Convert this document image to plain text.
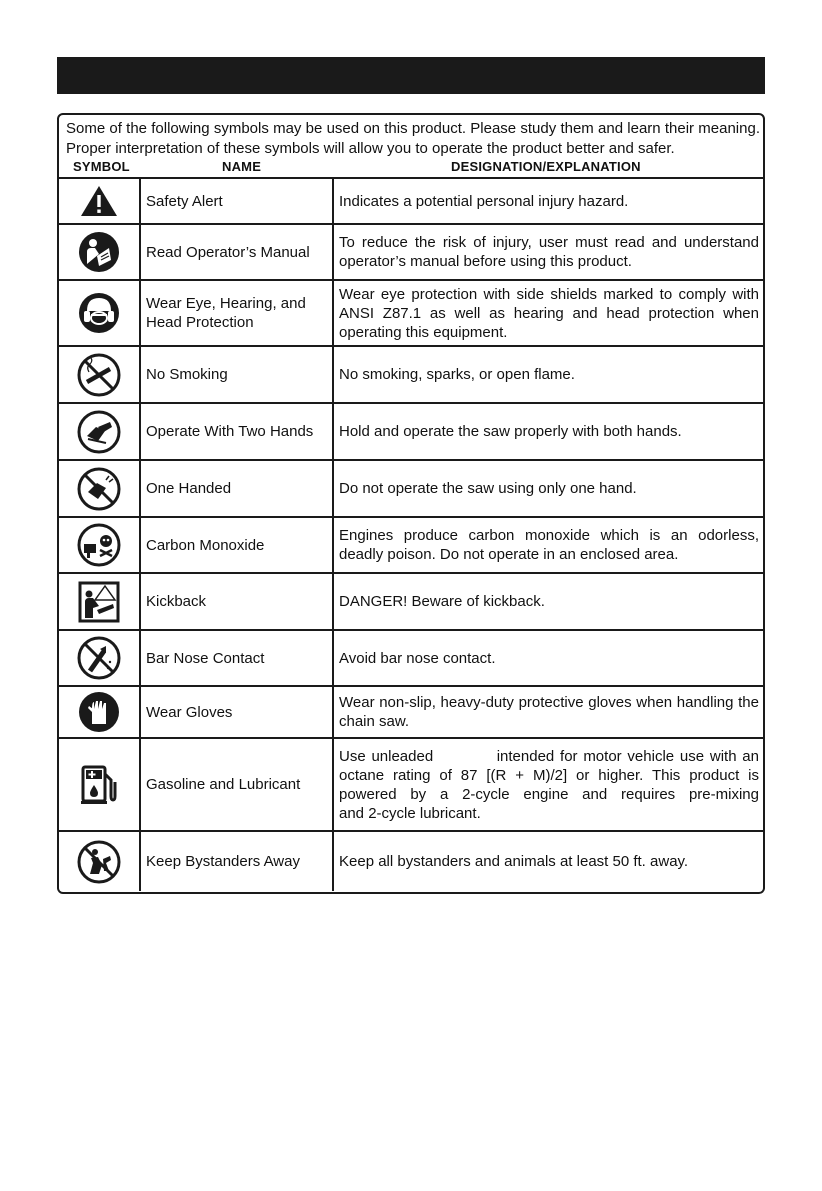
Some of the following symbols may be used on this product. Please study them and learn their meaning. Proper interpretation of these symbols will allow you to operate the product better and safer.
SYMBOL	NAME	DESIGNATION/EXPLANATION
	Safety Alert	Indicates a potential personal injury hazard.

	Read Operator’s Manual	To reduce the risk of injury, user must read and understand operator’s manual before using this product.

	Wear Eye, Hearing, and Head Protection	Wear eye protection with side shields marked to comply with ANSI Z87.1 as well as hearing and head protection when operating this equipment.

	No Smoking	No smoking, sparks, or open flame.

	Operate With Two Hands	Hold and operate the saw properly with both hands.

	One Handed	Do not operate the saw using only one hand.

	Carbon Monoxide	Engines produce carbon monoxide which is an odorless, deadly poison. Do not operate in an enclosed area.

	Kickback	DANGER! Beware of kickback.

	Bar Nose Contact	Avoid bar nose contact.

	Wear Gloves	Wear non-slip, heavy-duty protective gloves when handling the chain saw.

	Gasoline and Lubricant	Use unleaded           intended for motor vehicle use with an octane rating of 87 [(R + M)/2] or higher. This product is powered by a 2-cycle engine and requires pre-mixing           and 2-cycle lubricant.

	Keep Bystanders Away	Keep all bystanders and animals at least 50 ft. away.
